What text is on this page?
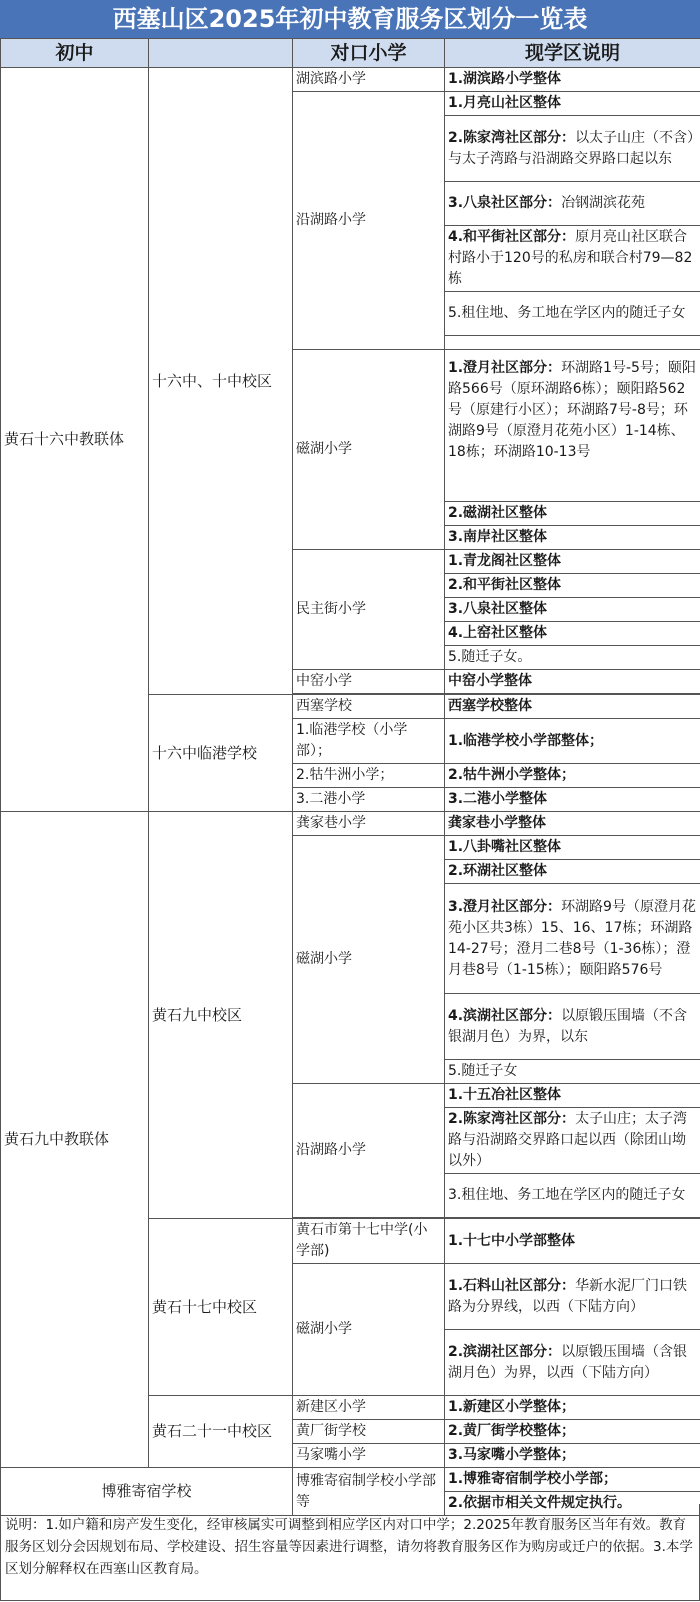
西塞山区2025年初中教育服务区划分一览表
初中		对口小学	现学区说明
黄石十六中教联体	十六中、十中校区	湖滨路小学	1.湖滨路小学整体
		沿湖路小学	1.月亮山社区整体
			2.陈家湾社区部分：以太子山庄（不含）与太子湾路与沿湖路交界路口起以东
			3.八泉社区部分：冶钢湖滨花苑
			4.和平街社区部分：原月亮山社区联合村路小于120号的私房和联合村79—82栋
			5.租住地、务工地在学区内的随迁子女

		磁湖小学	1.澄月社区部分：环湖路1号-5号；颐阳路566号（原环湖路6栋）；颐阳路562号（原建行小区）；环湖路7号-8号；环湖路9号（原澄月花苑小区）1-14栋、18栋；环湖路10-13号
			2.磁湖社区整体
			3.南岸社区整体
		民主街小学	1.青龙阁社区整体
			2.和平街社区整体
			3.八泉社区整体
			4.上窑社区整体
			5.随迁子女。
		中窑小学	中窑小学整体

	十六中临港学校	西塞学校	西塞学校整体
		1.临港学校（小学部）；	1.临港学校小学部整体；
		2.牯牛洲小学；	2.牯牛洲小学整体；
		3.二港小学	3.二港小学整体
黄石九中教联体	黄石九中校区	龚家巷小学	龚家巷小学整体
		磁湖小学	1.八卦嘴社区整体
			2.环湖社区整体
			3.澄月社区部分：环湖路9号（原澄月花苑小区共3栋）15、16、17栋；环湖路14-27号；澄月二巷8号（1-36栋）；澄月巷8号（1-15栋）；颐阳路576号
			4.滨湖社区部分：以原锻压围墙（不含银湖月色）为界，以东
			5.随迁子女
		沿湖路小学	1.十五冶社区整体
			2.陈家湾社区部分：太子山庄；太子湾路与沿湖路交界路口起以西（除团山坳以外）
			3.租住地、务工地在学区内的随迁子女

	黄石十七中校区	黄石市第十七中学(小学部)	1.十七中小学部整体
		磁湖小学	1.石料山社区部分：华新水泥厂门口铁路为分界线，以西（下陆方向）
			2.滨湖社区部分：以原锻压围墙（含银湖月色）为界，以西（下陆方向）
	黄石二十一中校区	新建区小学	1.新建区小学整体；
		黄厂街学校	2.黄厂街学校整体；
		马家嘴小学	3.马家嘴小学整体；
博雅寄宿学校		博雅寄宿制学校小学部等	1.博雅寄宿制学校小学部；
			2.依据市相关文件规定执行。
说明：1.如户籍和房产发生变化，经审核属实可调整到相应学区内对口中学；2.2025年教育服务区当年有效。教育服务区划分会因规划布局、学校建设、招生容量等因素进行调整，请勿将教育服务区作为购房或迁户的依据。3.本学区划分解释权在西塞山区教育局。
